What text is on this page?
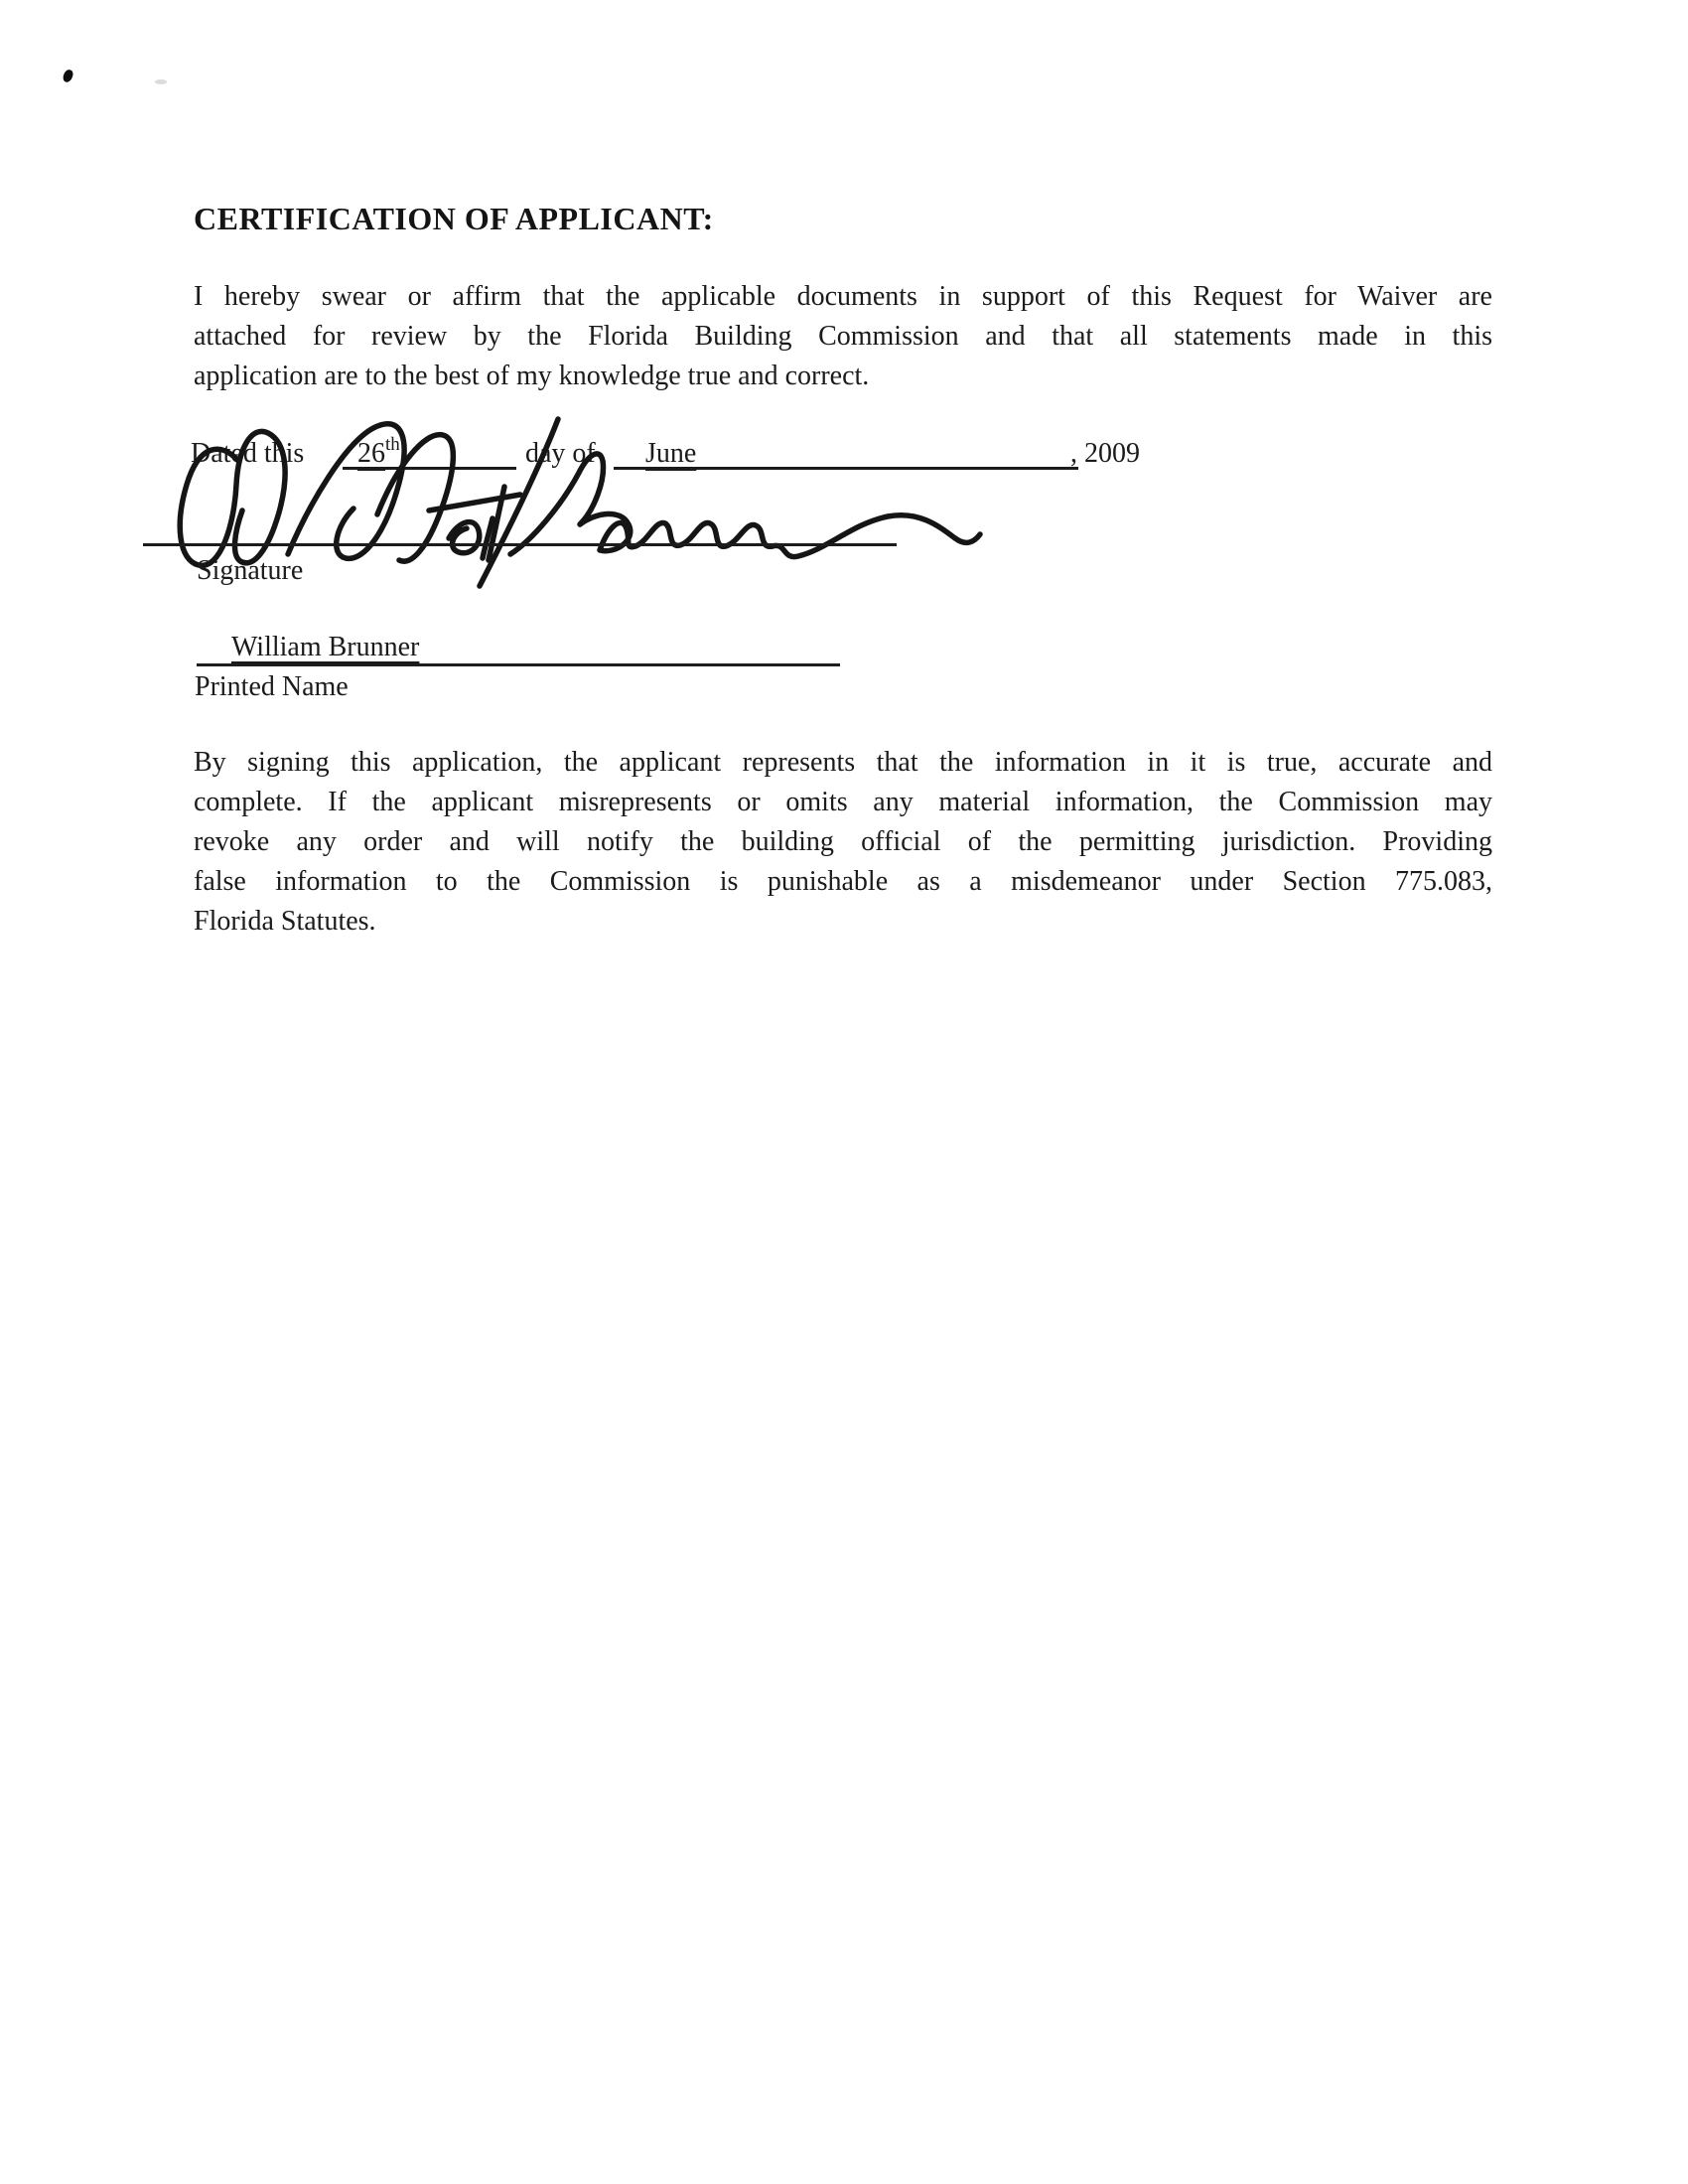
CERTIFICATION OF APPLICANT:
I hereby swear or affirm that the applicable documents in support of this Request for Waiver are
attached for review by the Florida Building Commission and that all statements made in this
application are to the best of my knowledge true and correct.
Dated this 26th	day of June	, 2009
Signature
William Brunner
Printed Name
By signing this application, the applicant represents that the information in it is true, accurate and
complete. If the applicant misrepresents or omits any material information, the Commission may
revoke any order and will notify the building official of the permitting jurisdiction. Providing
false information to the Commission is punishable as a misdemeanor under Section 775.083,
Florida Statutes.
